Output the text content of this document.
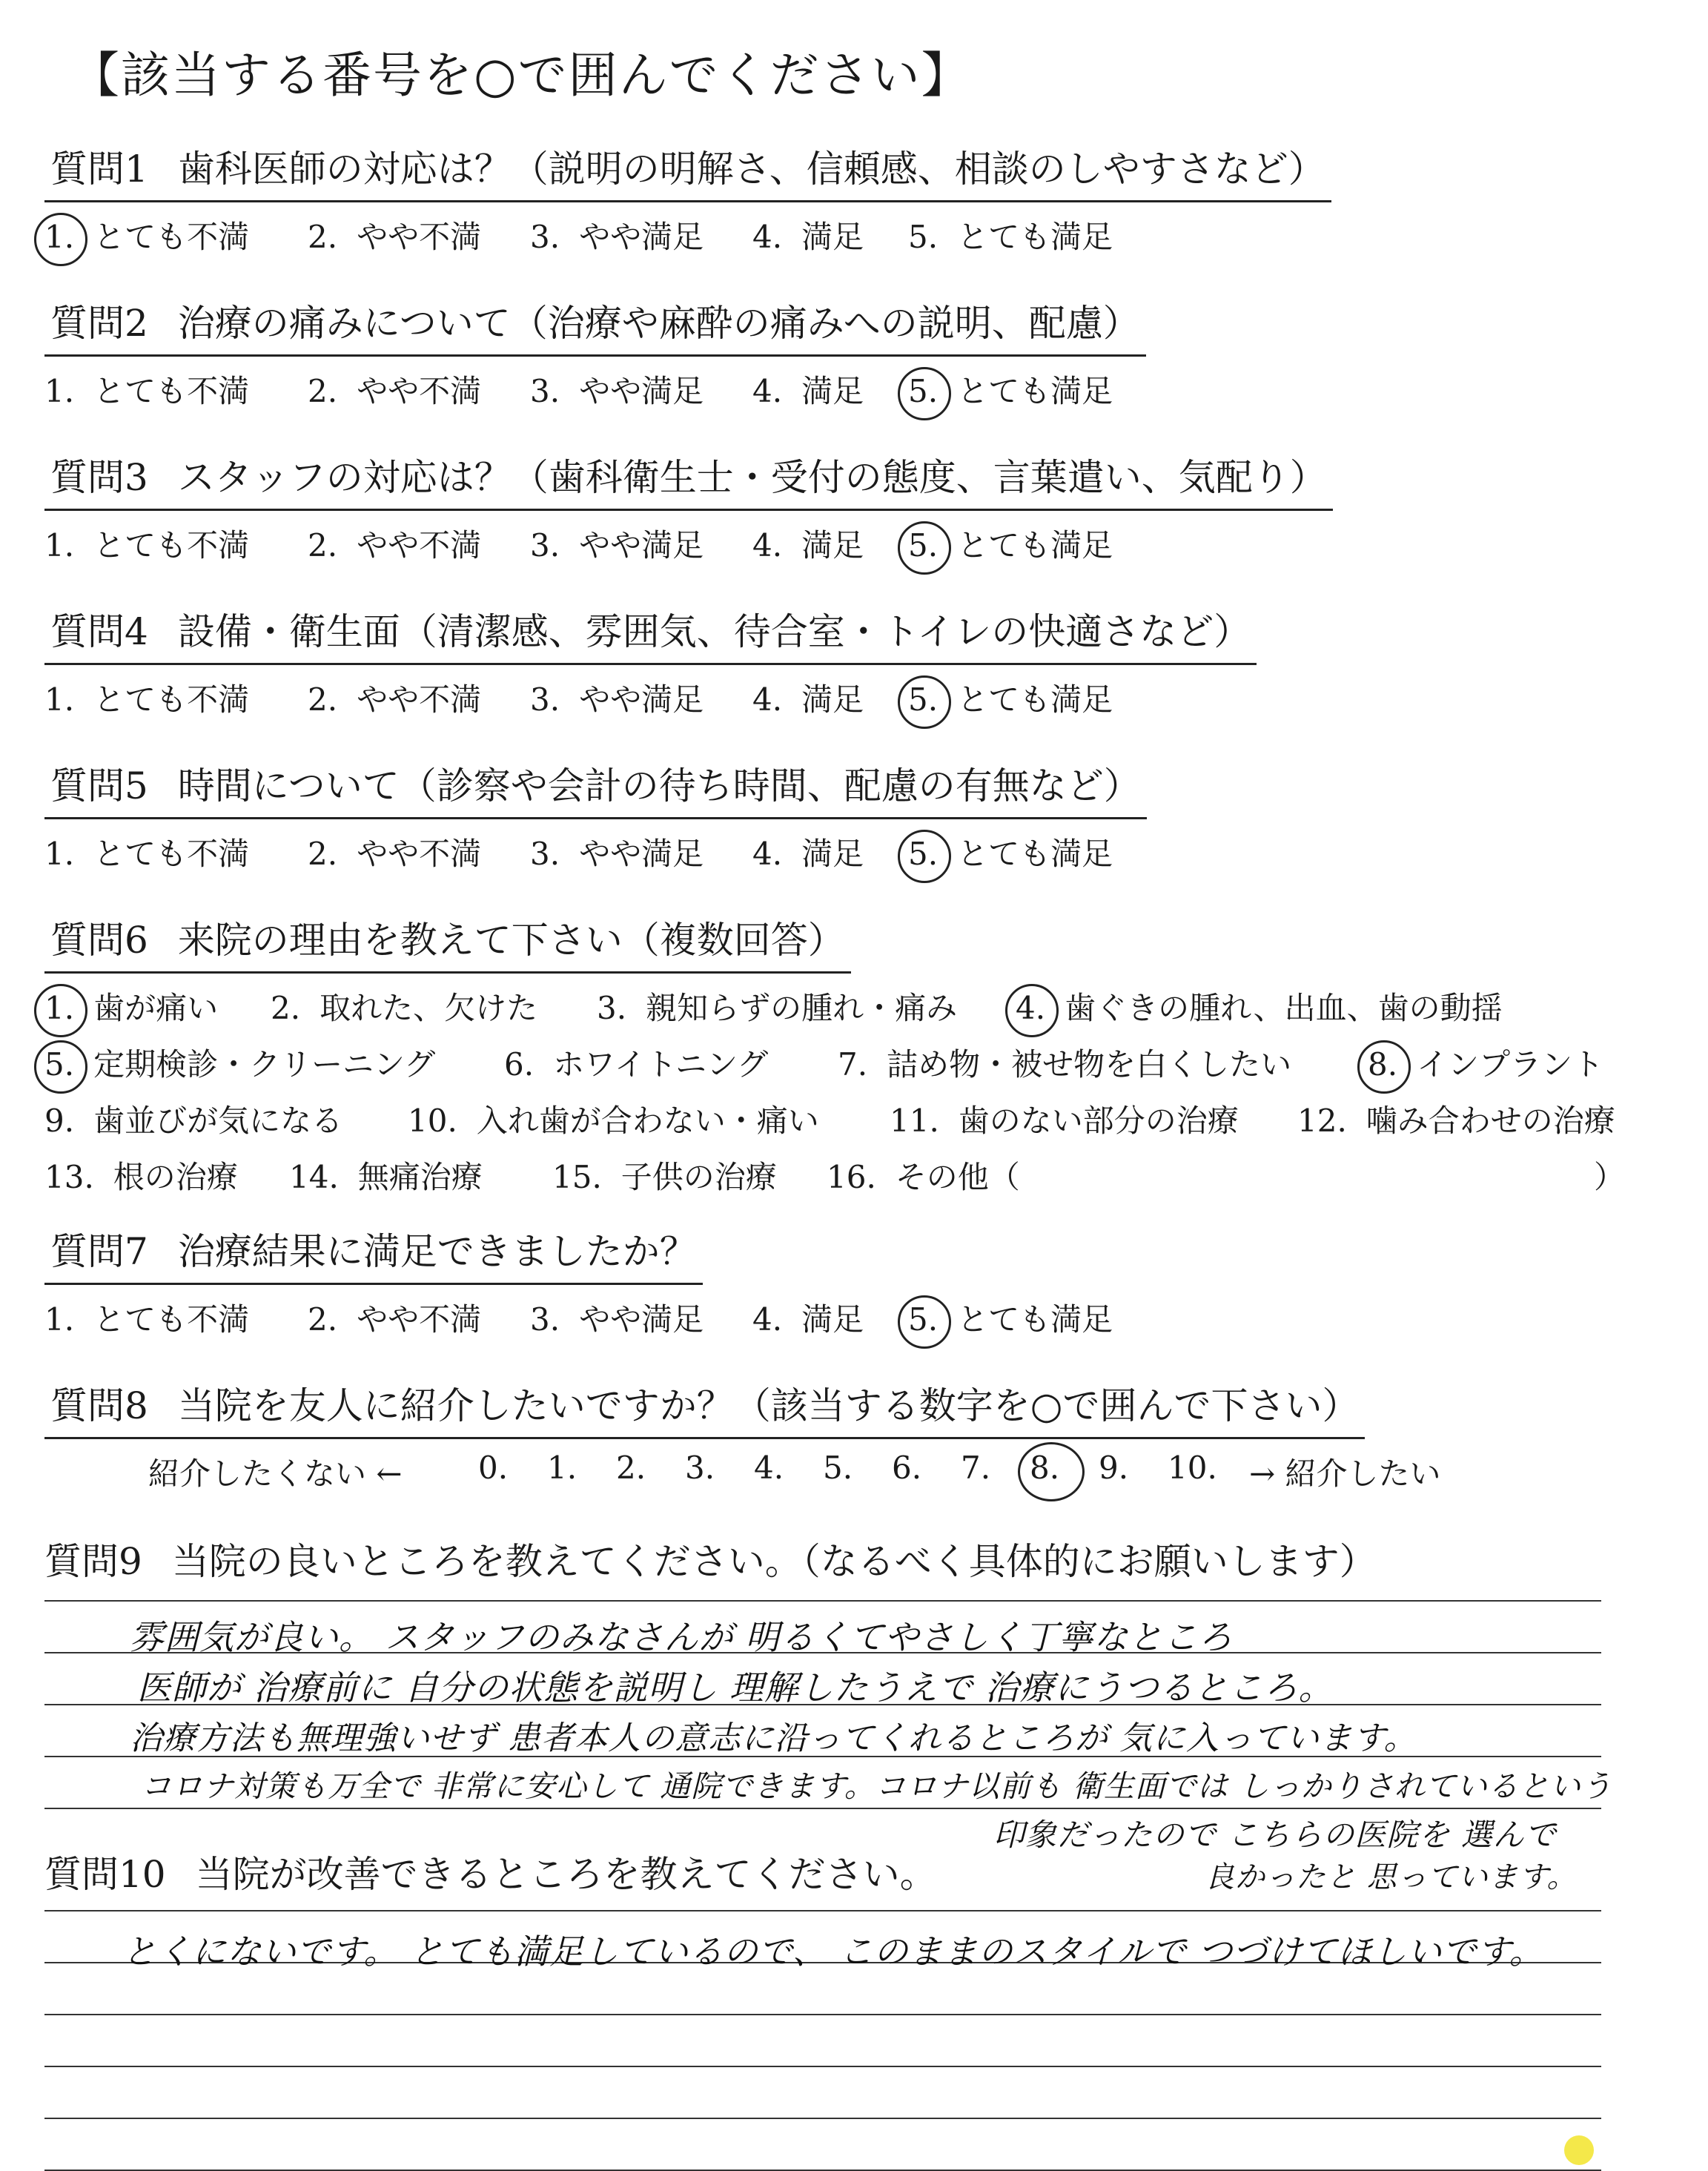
【該当する番号を○で囲んでください】
質問1 歯科医師の対応は？（説明の明解さ、信頼感、相談のしやすさなど）
1. とても不満 2. やや不満 3. やや満足 4. 満足 5. とても満足
質問2 治療の痛みについて（治療や麻酔の痛みへの説明、配慮）
1. とても不満 2. やや不満 3. やや満足 4. 満足 5. とても満足
質問3 スタッフの対応は？（歯科衛生士・受付の態度、言葉遣い、気配り）
1. とても不満 2. やや不満 3. やや満足 4. 満足 5. とても満足
質問4 設備・衛生面（清潔感、雰囲気、待合室・トイレの快適さなど）
1. とても不満 2. やや不満 3. やや満足 4. 満足 5. とても満足
質問5 時間について（診察や会計の待ち時間、配慮の有無など）
1. とても不満 2. やや不満 3. やや満足 4. 満足 5. とても満足
質問6 来院の理由を教えて下さい（複数回答）
1. 歯が痛い 2. 取れた、欠けた 3. 親知らずの腫れ・痛み 4. 歯ぐきの腫れ、出血、歯の動揺
5. 定期検診・クリーニング 6. ホワイトニング 7. 詰め物・被せ物を白くしたい 8. インプラント
9. 歯並びが気になる 10. 入れ歯が合わない・痛い 11. 歯のない部分の治療 12. 噛み合わせの治療
13. 根の治療 14. 無痛治療 15. 子供の治療 16. その他（	）
質問7 治療結果に満足できましたか？
1. とても不満 2. やや不満 3. やや満足 4. 満足 5. とても満足
質問8 当院を友人に紹介したいですか？（該当する数字を○で囲んで下さい）
紹介したくない ← 0. 1. 2. 3. 4. 5. 6. 7. 8. 9. 10. → 紹介したい
質問9 当院の良いところを教えてください。（なるべく具体的にお願いします）
雰囲気が良い。 スタッフのみなさんが 明るくてやさしく丁寧なところ
医師が 治療前に 自分の状態を説明し 理解したうえで 治療にうつるところ。
治療方法も無理強いせず 患者本人の意志に沿ってくれるところが 気に入っています。
コロナ対策も万全で 非常に安心して 通院できます。コロナ以前も 衛生面では しっかりされているという
印象だったので こちらの医院を 選んで
良かったと 思っています。
質問10 当院が改善できるところを教えてください。
とくにないです。 とても満足しているので、 このままのスタイルで つづけてほしいです。
